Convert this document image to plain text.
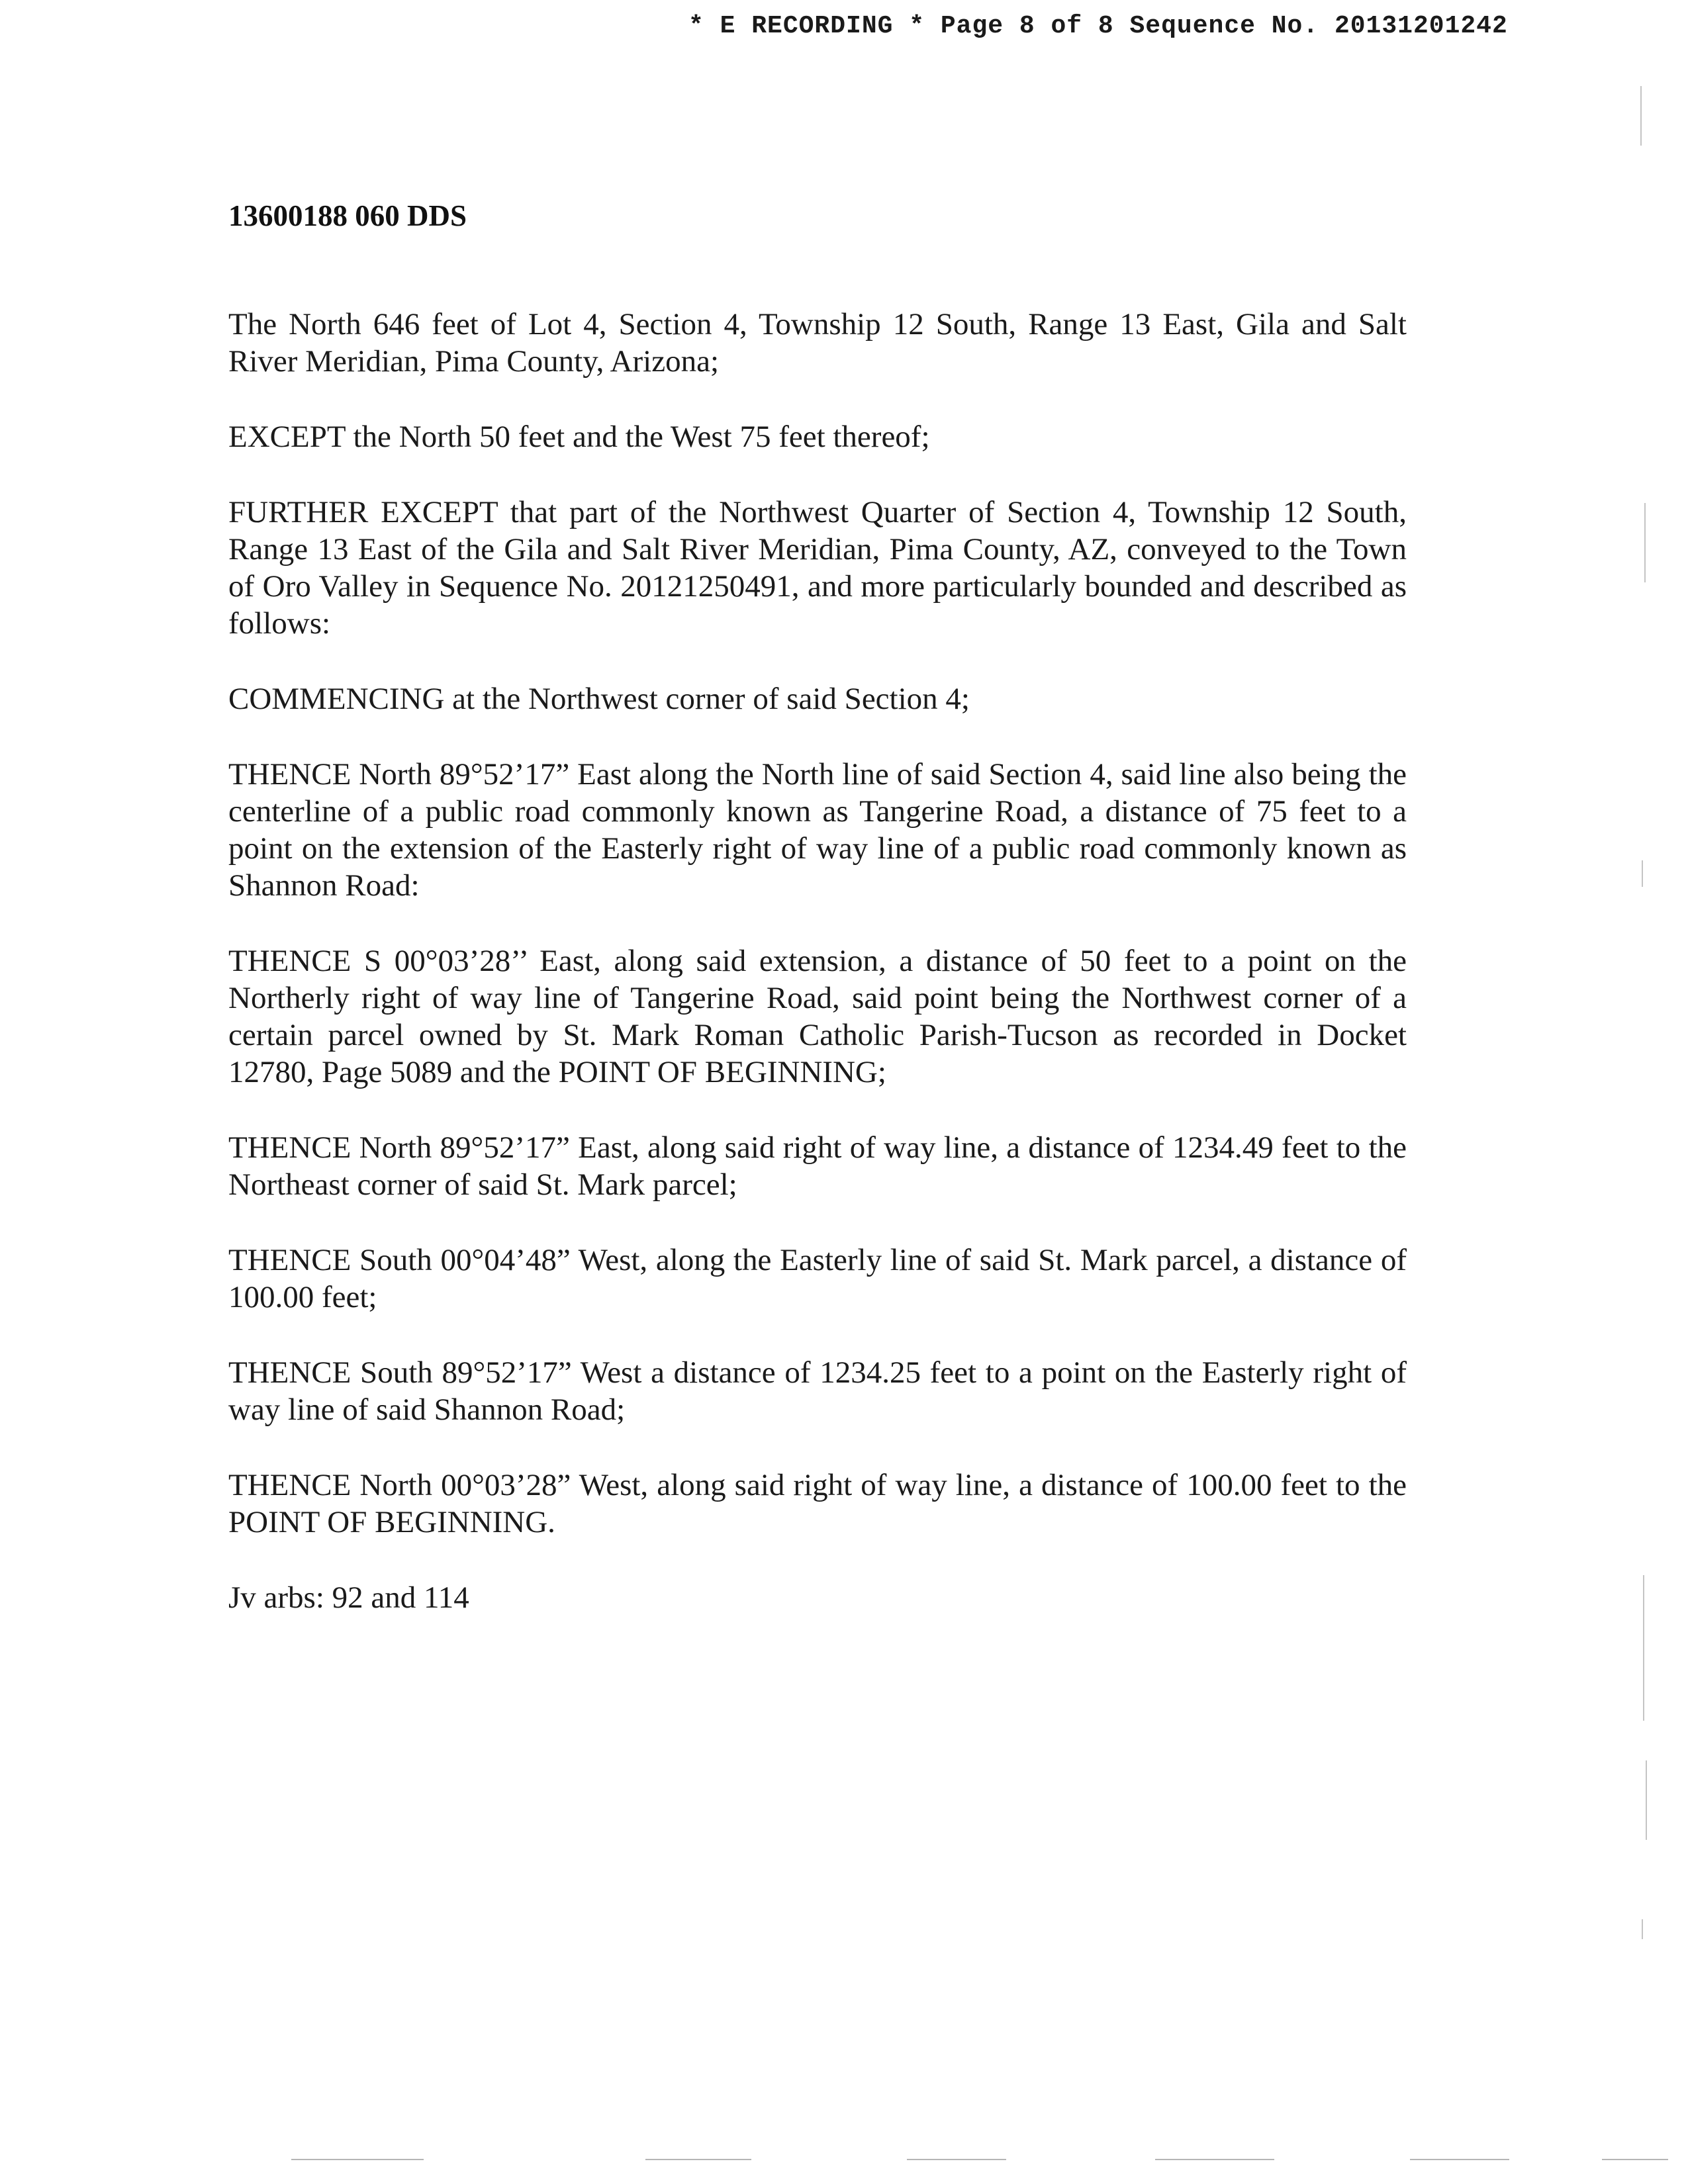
* E RECORDING * Page 8 of 8 Sequence No. 20131201242
13600188 060 DDS

The North 646 feet of Lot 4, Section 4, Township 12 South, Range 13 East, Gila and Salt River Meridian, Pima County, Arizona;

EXCEPT the North 50 feet and the West 75 feet thereof;

FURTHER EXCEPT that part of the Northwest Quarter of Section 4, Township 12 South, Range 13 East of the Gila and Salt River Meridian, Pima County, AZ, conveyed to the Town of Oro Valley in Sequence No. 20121250491, and more particularly bounded and described as follows:

COMMENCING at the Northwest corner of said Section 4;

THENCE North 89°52’17” East along the North line of said Section 4, said line also being the centerline of a public road commonly known as Tangerine Road, a distance of 75 feet to a point on the extension of the Easterly right of way line of a public road commonly known as Shannon Road:

THENCE S 00°03’28’’ East, along said extension, a distance of 50 feet to a point on the Northerly right of way line of Tangerine Road, said point being the Northwest corner of a certain parcel owned by St. Mark Roman Catholic Parish-Tucson as recorded in Docket 12780, Page 5089 and the POINT OF BEGINNING;

THENCE North 89°52’17” East, along said right of way line, a distance of 1234.49 feet to the Northeast corner of said St. Mark parcel;

THENCE South 00°04’48” West, along the Easterly line of said St. Mark parcel, a distance of 100.00 feet;

THENCE South 89°52’17” West a distance of 1234.25 feet to a point on the Easterly right of way line of said Shannon Road;

THENCE North 00°03’28” West, along said right of way line, a distance of 100.00 feet to the POINT OF BEGINNING.

Jv arbs: 92 and 114
